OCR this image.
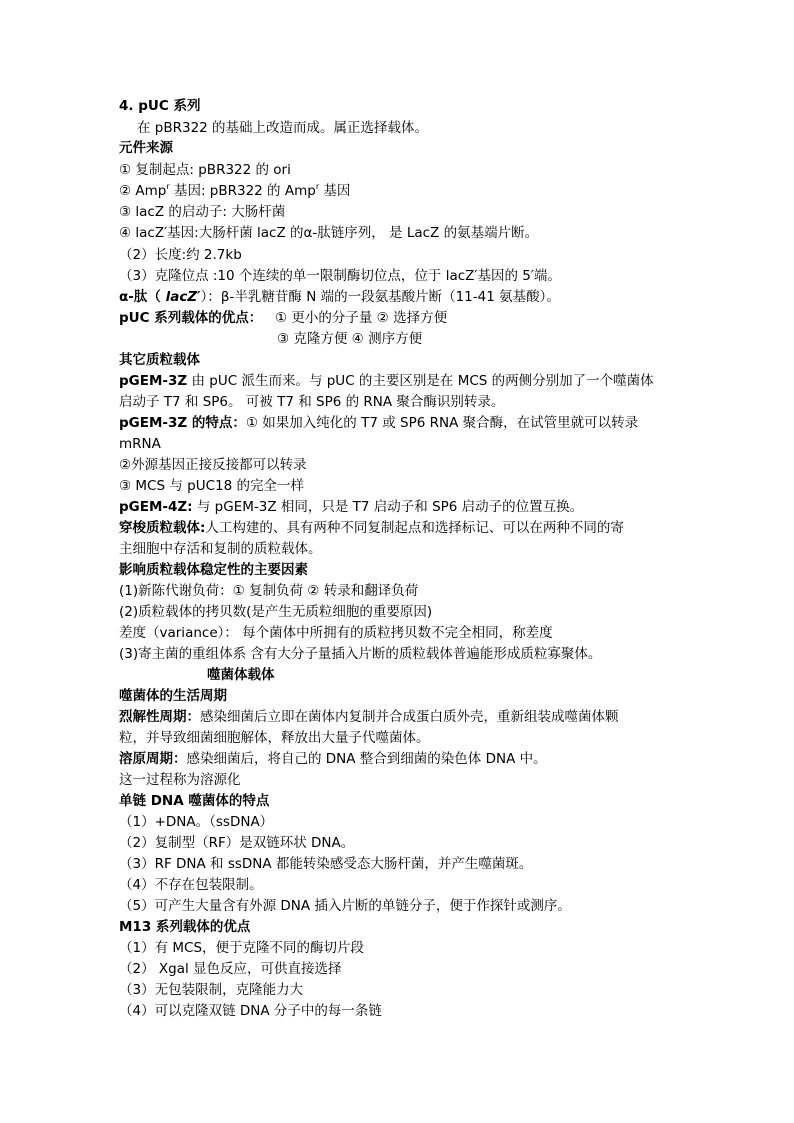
4. pUC 系列
在 pBR322 的基础上改造而成。属正选择载体。
元件来源
① 复制起点: pBR322 的 ori
② Amp$^r$ 基因: pBR322 的 Amp$^r$ 基因
③ lacZ 的启动子: 大肠杆菌
④ lacZ′基因:大肠杆菌 lacZ 的α-肽链序列， 是 LacZ 的氨基端片断。
（2）长度:约 2.7kb
（3）克隆位点 :10 个连续的单一限制酶切位点，位于 lacZ′基因的 5′端。
α-肽（ lacZ′）：β-半乳糖苷酶 N 端的一段氨基酸片断（11-41 氨基酸）。
pUC 系列载体的优点： ① 更小的分子量 ② 选择方便
③ 克隆方便 ④ 测序方便
其它质粒载体
pGEM-3Z 由 pUC 派生而来。与 pUC 的主要区别是在 MCS 的两侧分别加了一个噬菌体
启动子 T7 和 SP6。 可被 T7 和 SP6 的 RNA 聚合酶识别转录。
pGEM-3Z 的特点：① 如果加入纯化的 T7 或 SP6 RNA 聚合酶，在试管里就可以转录
mRNA
②外源基因正接反接都可以转录
③ MCS 与 pUC18 的完全一样
pGEM-4Z: 与 pGEM-3Z 相同，只是 T7 启动子和 SP6 启动子的位置互换。
穿梭质粒载体:人工构建的、具有两种不同复制起点和选择标记、可以在两种不同的寄
主细胞中存活和复制的质粒载体。
影响质粒载体稳定性的主要因素
(1)新陈代谢负荷：① 复制负荷 ② 转录和翻译负荷
(2)质粒载体的拷贝数(是产生无质粒细胞的重要原因)
差度（variance）： 每个菌体中所拥有的质粒拷贝数不完全相同，称差度
(3)寄主菌的重组体系 含有大分子量插入片断的质粒载体普遍能形成质粒寡聚体。
噬菌体载体
噬菌体的生活周期
烈解性周期：感染细菌后立即在菌体内复制并合成蛋白质外壳，重新组装成噬菌体颗
粒，并导致细菌细胞解体，释放出大量子代噬菌体。
溶原周期：感染细菌后，将自己的 DNA 整合到细菌的染色体 DNA 中。
这一过程称为溶源化
单链 DNA 噬菌体的特点
（1）+DNA。（ssDNA）
（2）复制型（RF）是双链环状 DNA。
（3）RF DNA 和 ssDNA 都能转染感受态大肠杆菌，并产生噬菌斑。
（4）不存在包装限制。
（5）可产生大量含有外源 DNA 插入片断的单链分子，便于作探针或测序。
M13 系列载体的优点
（1）有 MCS，便于克隆不同的酶切片段
（2） Xgal 显色反应，可供直接选择
（3）无包装限制，克隆能力大
（4）可以克隆双链 DNA 分子中的每一条链
